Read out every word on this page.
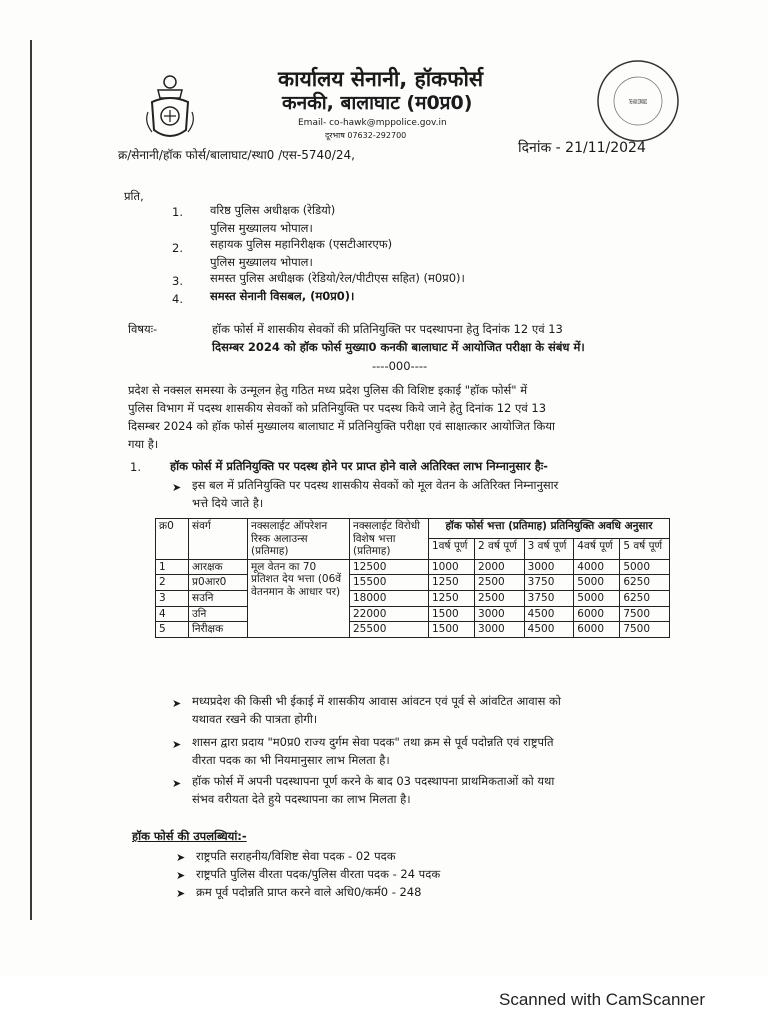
कार्यालय सेनानी, हॉकफोर्स
कनकी, बालाघाट (म0प्र0)
Email- co-hawk@mppolice.gov.in
दूरभाष 07632-292700
THE HAWK COMMANDO
क्र/सेनानी/हॉक फोर्स/बालाघाट/स्था0 /एस-5740/24,	दिनांक - 21/11/2024
प्रति,
1. वरिष्ठ पुलिस अधीक्षक (रेडियो)
पुलिस मुख्यालय भोपाल।
2. सहायक पुलिस महानिरीक्षक (एसटीआरएफ)
पुलिस मुख्यालय भोपाल।
3. समस्त पुलिस अधीक्षक (रेडियो/रेल/पीटीएस सहित) (म0प्र0)।
4. समस्त सेनानी विसबल, (म0प्र0)।
विषयः-	हॉक फोर्स में शासकीय सेवकों की प्रतिनियुक्ति पर पदस्थापना हेतु दिनांक 12 एवं 13
दिसम्बर 2024 को हॉक फोर्स मुख्या0 कनकी बालाघाट में आयोजित परीक्षा के संबंध में।
----000----
प्रदेश से नक्सल समस्या के उन्मूलन हेतु गठित मध्य प्रदेश पुलिस की विशिष्ट इकाई "हॉक फोर्स" में
पुलिस विभाग में पदस्थ शासकीय सेवकों को प्रतिनियुक्ति पर पदस्थ किये जाने हेतु दिनांक 12 एवं 13
दिसम्बर 2024 को हॉक फोर्स मुख्यालय बालाघाट में प्रतिनियुक्ति परीक्षा एवं साक्षात्कार आयोजित किया
गया है।
1.	हॉक फोर्स में प्रतिनियुक्ति पर पदस्थ होने पर प्राप्त होने वाले अतिरिक्त लाभ निम्नानुसार हैः-
➤ इस बल में प्रतिनियुक्ति पर पदस्थ शासकीय सेवकों को मूल वेतन के अतिरिक्त निम्नानुसार
भत्ते दिये जाते है।
क्र0	संवर्ग	नक्सलाईट ऑपरेशन रिस्क अलाउन्स (प्रतिमाह)	नक्सलाईट विरोधी विशेष भत्ता (प्रतिमाह)	हॉक फोर्स भत्ता (प्रतिमाह) प्रतिनियुक्ति अवधि अनुसार				
				1वर्ष पूर्ण	2 वर्ष पूर्ण	3 वर्ष पूर्ण	4वर्ष पूर्ण	5 वर्ष पूर्ण
1	आरक्षक	मूल वेतन का 70 प्रतिशत देय भत्ता (06वें वेतनमान के आधार पर)	12500	1000	2000	3000	4000	5000
2	प्र0आर0		15500	1250	2500	3750	5000	6250
3	सउनि		18000	1250	2500	3750	5000	6250
4	उनि		22000	1500	3000	4500	6000	7500
5	निरीक्षक		25500	1500	3000	4500	6000	7500
➤ मध्यप्रदेश की किसी भी ईकाई में शासकीय आवास आंवटन एवं पूर्व से आंवटित आवास को
यथावत रखने की पात्रता होगी।
➤ शासन द्वारा प्रदाय "म0प्र0 राज्य दुर्गम सेवा पदक" तथा क्रम से पूर्व पदोन्नति एवं राष्ट्रपति
वीरता पदक का भी नियमानुसार लाभ मिलता है।
➤ हॉक फोर्स में अपनी पदस्थापना पूर्ण करने के बाद 03 पदस्थापना प्राथमिकताओं को यथा
संभव वरीयता देते हुये पदस्थापना का लाभ मिलता है।
हॉक फोर्स की उपलब्धियां:-
➤ राष्ट्रपति सराहनीय/विशिष्ट सेवा पदक - 02 पदक
➤ राष्ट्रपति पुलिस वीरता पदक/पुलिस वीरता पदक - 24 पदक
➤ क्रम पूर्व पदोन्नति प्राप्त करने वाले अधि0/कर्म0 - 248
Scanned with CamScanner
